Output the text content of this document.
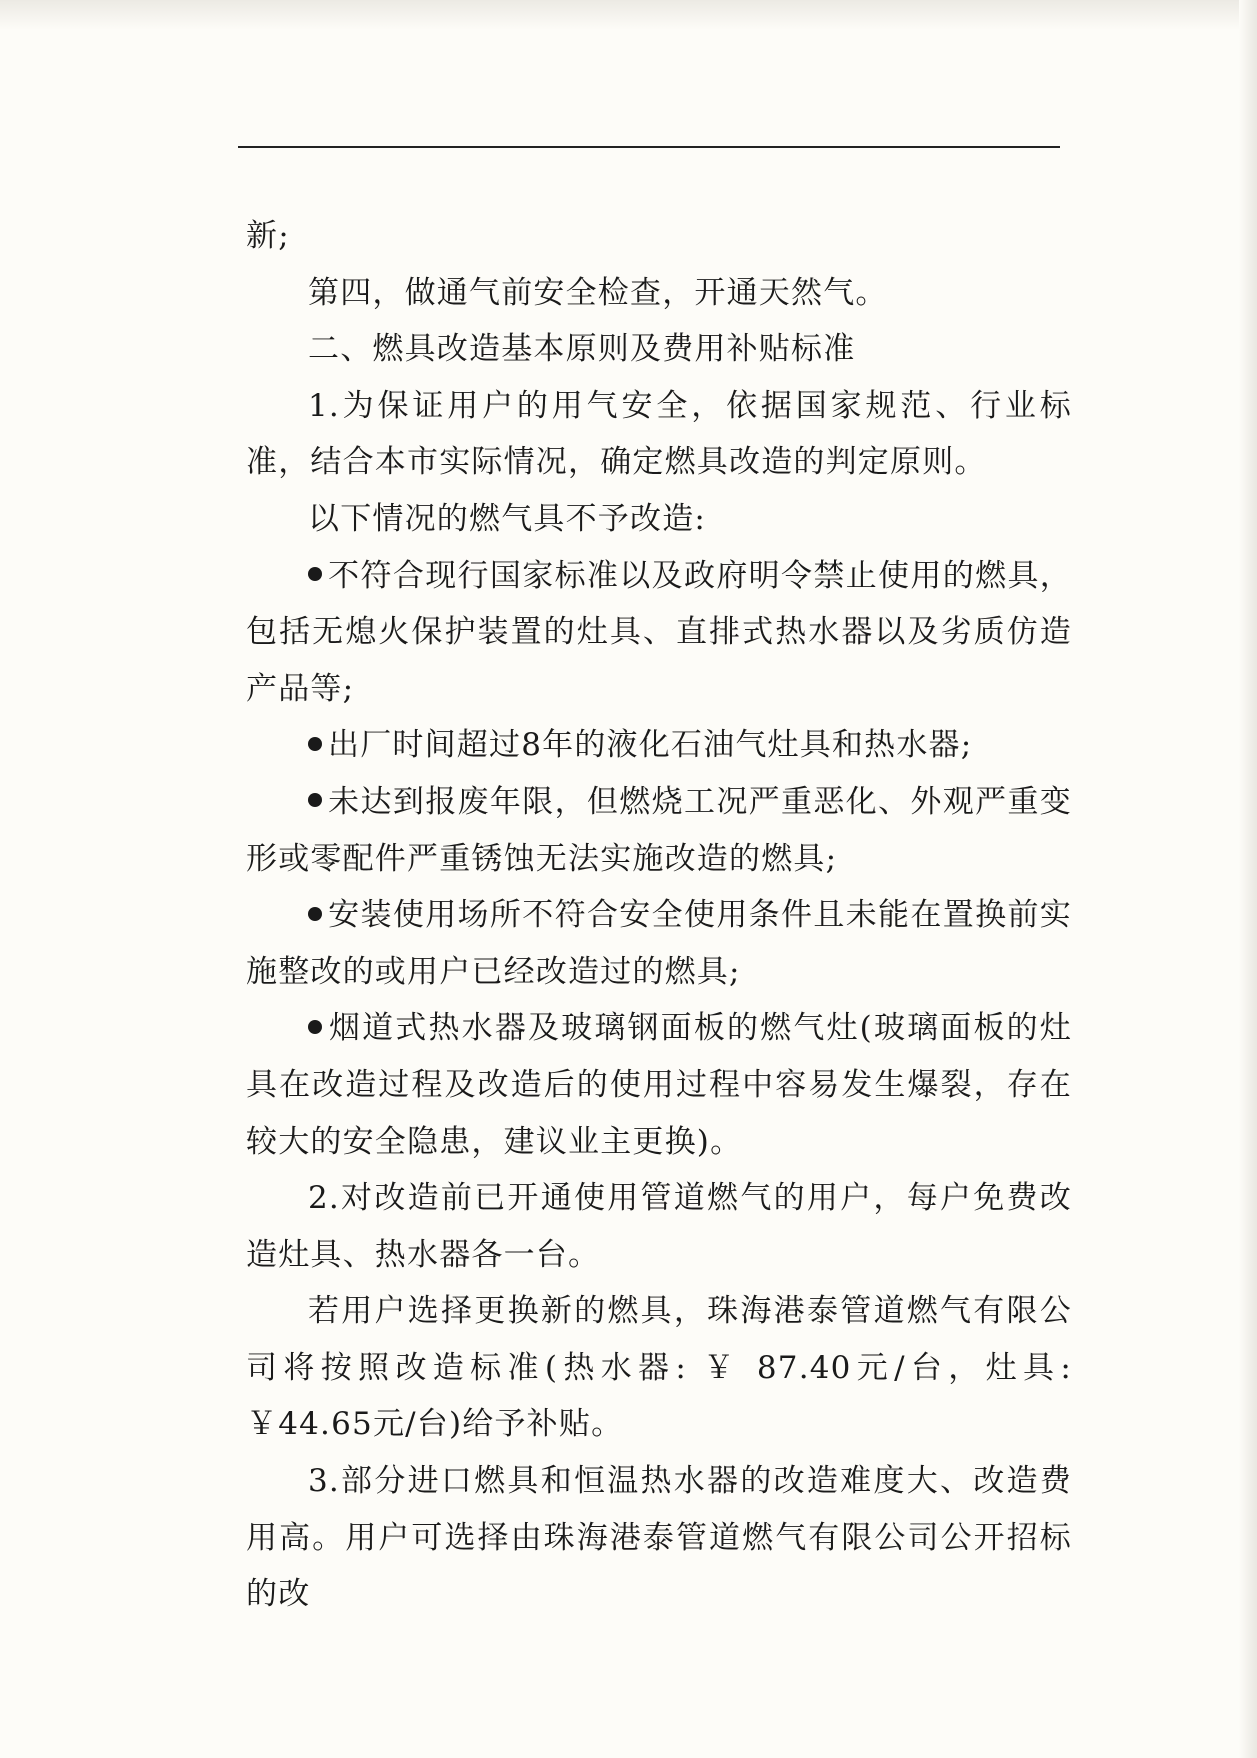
新;

第四，做通气前安全检查，开通天然气。

二、燃具改造基本原则及费用补贴标准

1.为保证用户的用气安全，依据国家规范、行业标准，结合本市实际情况，确定燃具改造的判定原则。

以下情况的燃气具不予改造:

不符合现行国家标准以及政府明令禁止使用的燃具，包括无熄火保护装置的灶具、直排式热水器以及劣质仿造产品等;

出厂时间超过8年的液化石油气灶具和热水器;

未达到报废年限，但燃烧工况严重恶化、外观严重变形或零配件严重锈蚀无法实施改造的燃具;

安装使用场所不符合安全使用条件且未能在置换前实施整改的或用户已经改造过的燃具;

烟道式热水器及玻璃钢面板的燃气灶(玻璃面板的灶具在改造过程及改造后的使用过程中容易发生爆裂，存在较大的安全隐患，建议业主更换)。

2.对改造前已开通使用管道燃气的用户，每户免费改造灶具、热水器各一台。

若用户选择更换新的燃具，珠海港泰管道燃气有限公司将按照改造标准(热水器: ￥ 87.40元/台，灶具: ￥44.65元/台)给予补贴。

3.部分进口燃具和恒温热水器的改造难度大、改造费用高。用户可选择由珠海港泰管道燃气有限公司公开招标的改
